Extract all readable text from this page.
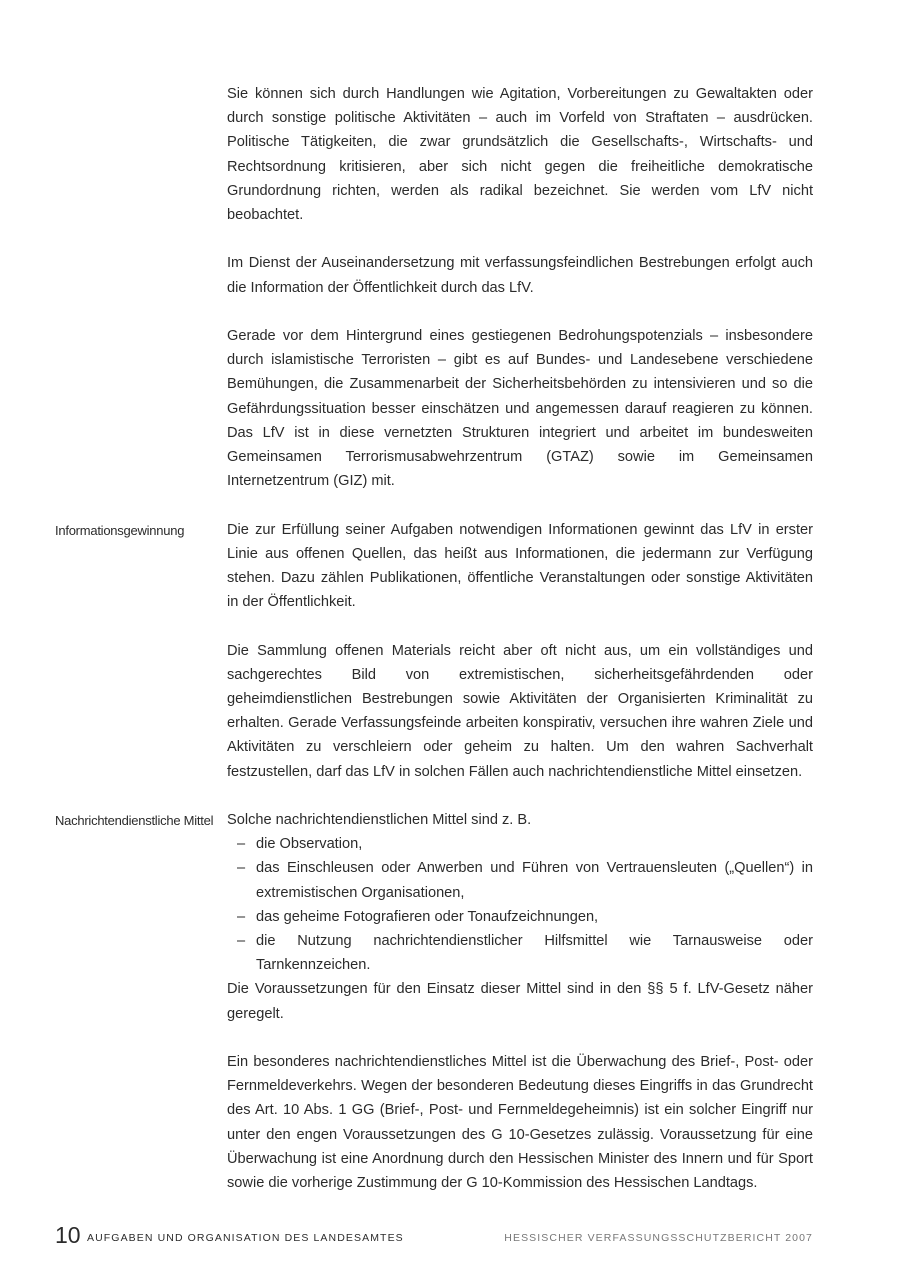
Sie können sich durch Handlungen wie Agitation, Vorbereitungen zu Gewaltakten oder durch sonstige politische Aktivitäten – auch im Vorfeld von Straftaten – ausdrücken. Politische Tätigkeiten, die zwar grundsätzlich die Gesellschafts-, Wirtschafts- und Rechtsordnung kritisieren, aber sich nicht gegen die freiheitliche demokratische Grundordnung richten, werden als radikal bezeichnet. Sie werden vom LfV nicht beobachtet.

Im Dienst der Auseinandersetzung mit verfassungsfeindlichen Bestrebungen erfolgt auch die Information der Öffentlichkeit durch das LfV.

Gerade vor dem Hintergrund eines gestiegenen Bedrohungspotenzials – insbesondere durch islamistische Terroristen – gibt es auf Bundes- und Landesebene verschiedene Bemühungen, die Zusammenarbeit der Sicherheitsbehörden zu intensivieren und so die Gefährdungssituation besser einschätzen und angemessen darauf reagieren zu können. Das LfV ist in diese vernetzten Strukturen integriert und arbeitet im bundesweiten Gemeinsamen Terrorismusabwehrzentrum (GTAZ) sowie im Gemeinsamen Internetzentrum (GIZ) mit.

Informationsgewinnung	Die zur Erfüllung seiner Aufgaben notwendigen Informationen gewinnt das LfV in erster Linie aus offenen Quellen, das heißt aus Informationen, die jedermann zur Verfügung stehen. Dazu zählen Publikationen, öffentliche Veranstaltungen oder sonstige Aktivitäten in der Öffentlichkeit.

Die Sammlung offenen Materials reicht aber oft nicht aus, um ein vollständiges und sachgerechtes Bild von extremistischen, sicherheitsgefährdenden oder geheimdienstlichen Bestrebungen sowie Aktivitäten der Organisierten Kriminalität zu erhalten. Gerade Verfassungsfeinde arbeiten konspirativ, versuchen ihre wahren Ziele und Aktivitäten zu verschleiern oder geheim zu halten. Um den wahren Sachverhalt festzustellen, darf das LfV in solchen Fällen auch nachrichtendienstliche Mittel einsetzen.

Nachrichtendienstliche Mittel Solche nachrichtendienstlichen Mittel sind z. B.

– die Observation,
– das Einschleusen oder Anwerben und Führen von Vertrauensleuten („Quellen“) in extremistischen Organisationen,
– das geheime Fotografieren oder Tonaufzeichnungen,
– die Nutzung nachrichtendienstlicher Hilfsmittel wie Tarnausweise oder Tarnkennzeichen.

Die Voraussetzungen für den Einsatz dieser Mittel sind in den §§ 5 f. LfV-Gesetz näher geregelt.

Ein besonderes nachrichtendienstliches Mittel ist die Überwachung des Brief-, Post- oder Fernmeldeverkehrs. Wegen der besonderen Bedeutung dieses Eingriffs in das Grundrecht des Art. 10 Abs. 1 GG (Brief-, Post- und Fernmeldegeheimnis) ist ein solcher Eingriff nur unter den engen Voraussetzungen des G 10-Gesetzes zulässig. Voraussetzung für eine Überwachung ist eine Anordnung durch den Hessischen Minister des Innern und für Sport sowie die vorherige Zustimmung der G 10-Kommission des Hessischen Landtags.

10 AUFGABEN UND ORGANISATION DES LANDESAMTES	HESSISCHER VERFASSUNGSSCHUTZBERICHT 2007
